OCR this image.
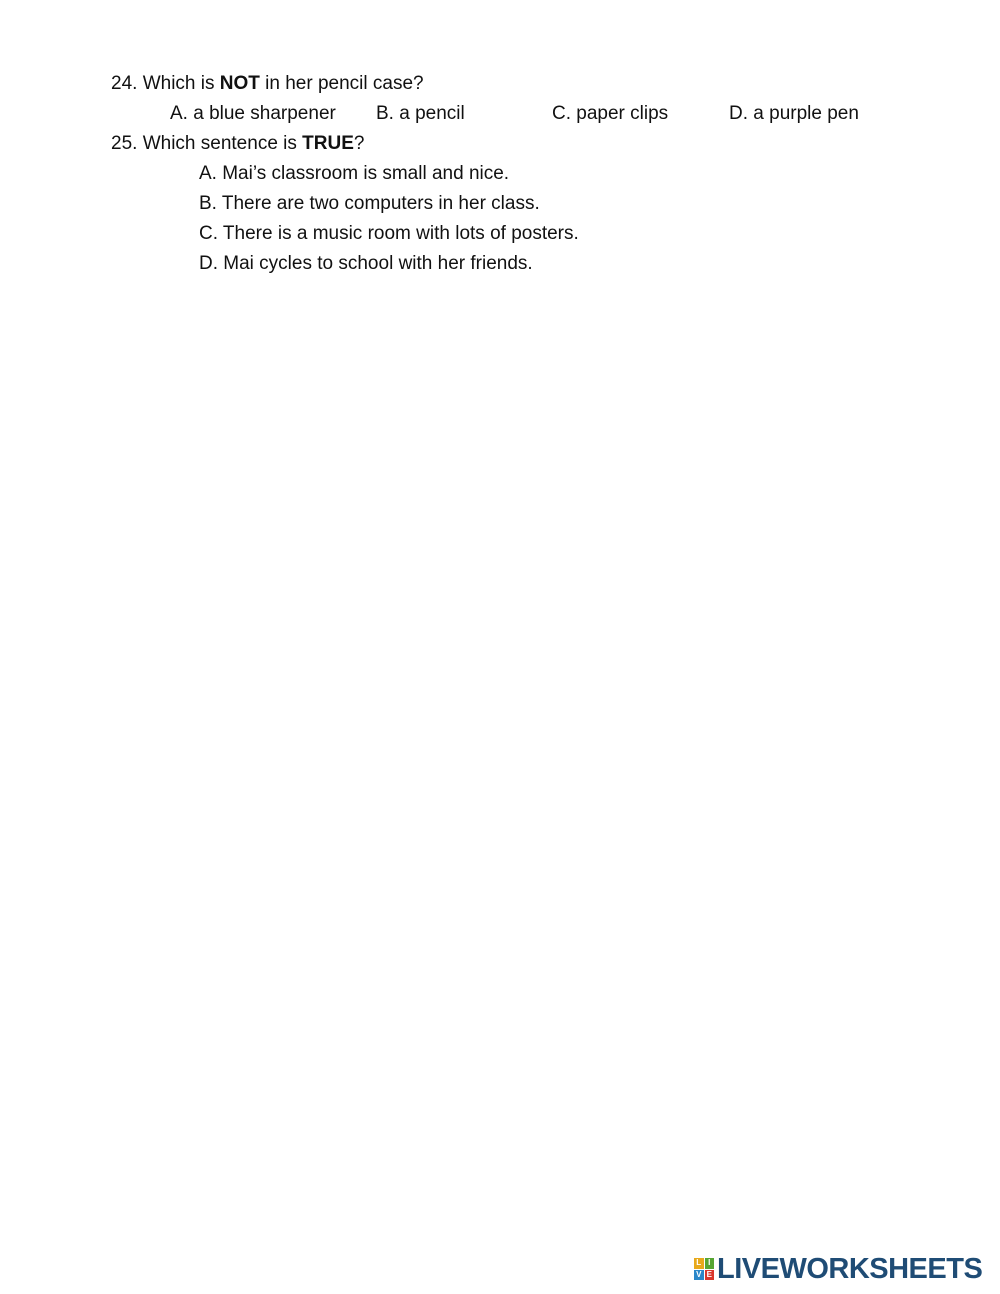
24. Which is NOT in her pencil case?
A. a blue sharpener B. a pencil	C. paper clips	D. a purple pen
25. Which sentence is TRUE?
A. Mai’s classroom is small and nice.
B. There are two computers in her class.
C. There is a music room with lots of posters.
D. Mai cycles to school with her friends.
L I
V E LIVEWORKSHEETS
